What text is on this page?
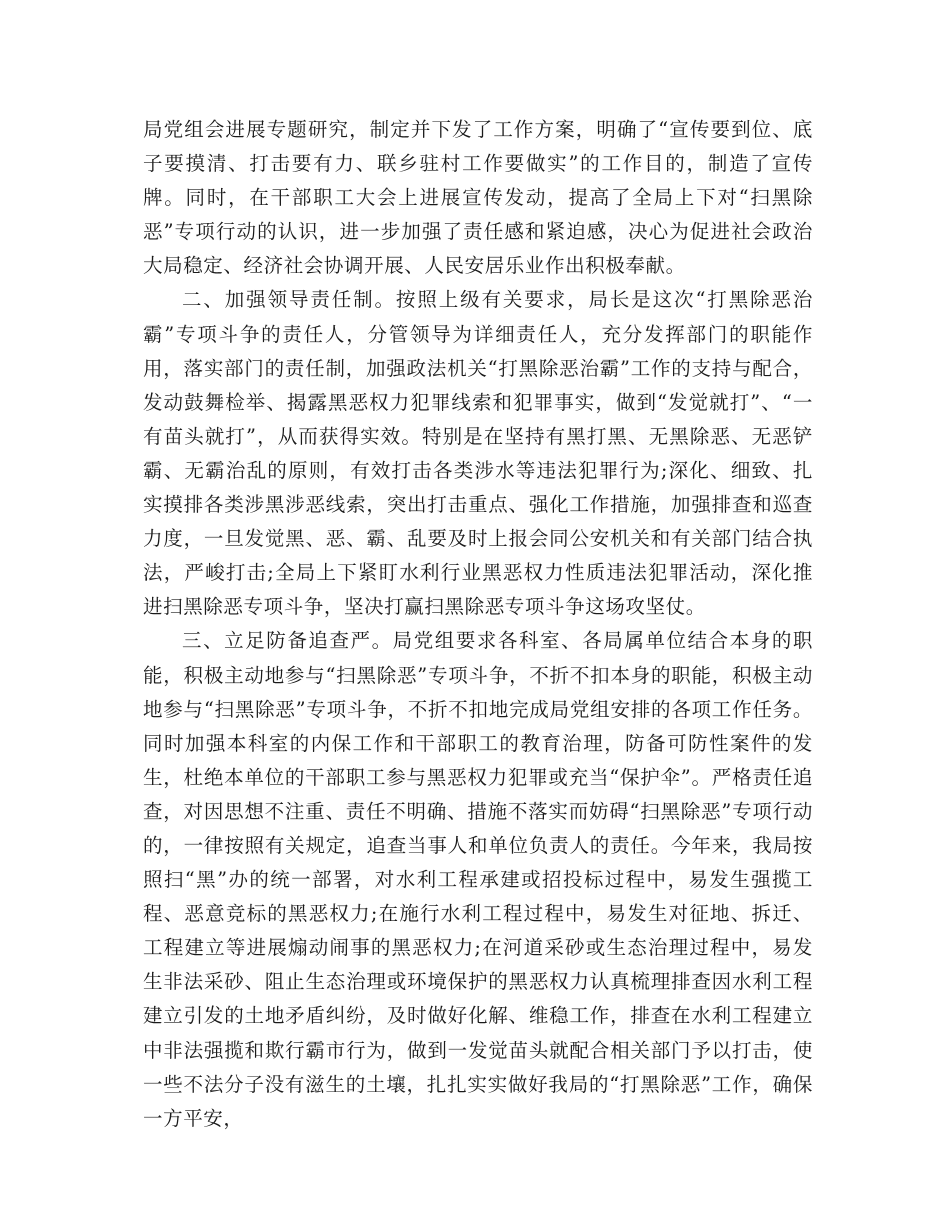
局党组会进展专题研究，制定并下发了工作方案，明确了“宣传要到位、底子要摸清、打击要有力、联乡驻村工作要做实”的工作目的，制造了宣传牌。同时，在干部职工大会上进展宣传发动，提高了全局上下对“扫黑除恶”专项行动的认识，进一步加强了责任感和紧迫感，决心为促进社会政治大局稳定、经济社会协调开展、人民安居乐业作出积极奉献。

二、加强领导责任制。按照上级有关要求，局长是这次“打黑除恶治霸”专项斗争的责任人，分管领导为详细责任人，充分发挥部门的职能作用，落实部门的责任制，加强政法机关“打黑除恶治霸”工作的支持与配合，发动鼓舞检举、揭露黑恶权力犯罪线索和犯罪事实，做到“发觉就打”、“一有苗头就打”，从而获得实效。特别是在坚持有黑打黑、无黑除恶、无恶铲霸、无霸治乱的原则，有效打击各类涉水等违法犯罪行为;深化、细致、扎实摸排各类涉黑涉恶线索，突出打击重点、强化工作措施，加强排查和巡查力度，一旦发觉黑、恶、霸、乱要及时上报会同公安机关和有关部门结合执法，严峻打击;全局上下紧盯水利行业黑恶权力性质违法犯罪活动，深化推进扫黑除恶专项斗争，坚决打赢扫黑除恶专项斗争这场攻坚仗。

三、立足防备追查严。局党组要求各科室、各局属单位结合本身的职能，积极主动地参与“扫黑除恶”专项斗争，不折不扣本身的职能，积极主动地参与“扫黑除恶”专项斗争，不折不扣地完成局党组安排的各项工作任务。同时加强本科室的内保工作和干部职工的教育治理，防备可防性案件的发生，杜绝本单位的干部职工参与黑恶权力犯罪或充当“保护伞”。严格责任追查，对因思想不注重、责任不明确、措施不落实而妨碍“扫黑除恶”专项行动的，一律按照有关规定，追查当事人和单位负责人的责任。今年来，我局按照扫“黑”办的统一部署，对水利工程承建或招投标过程中，易发生强揽工程、恶意竞标的黑恶权力;在施行水利工程过程中，易发生对征地、拆迁、工程建立等进展煽动闹事的黑恶权力;在河道采砂或生态治理过程中，易发生非法采砂、阻止生态治理或环境保护的黑恶权力认真梳理排查因水利工程建立引发的土地矛盾纠纷，及时做好化解、维稳工作，排查在水利工程建立中非法强揽和欺行霸市行为，做到一发觉苗头就配合相关部门予以打击，使一些不法分子没有滋生的土壤，扎扎实实做好我局的“打黑除恶”工作，确保一方平安，
